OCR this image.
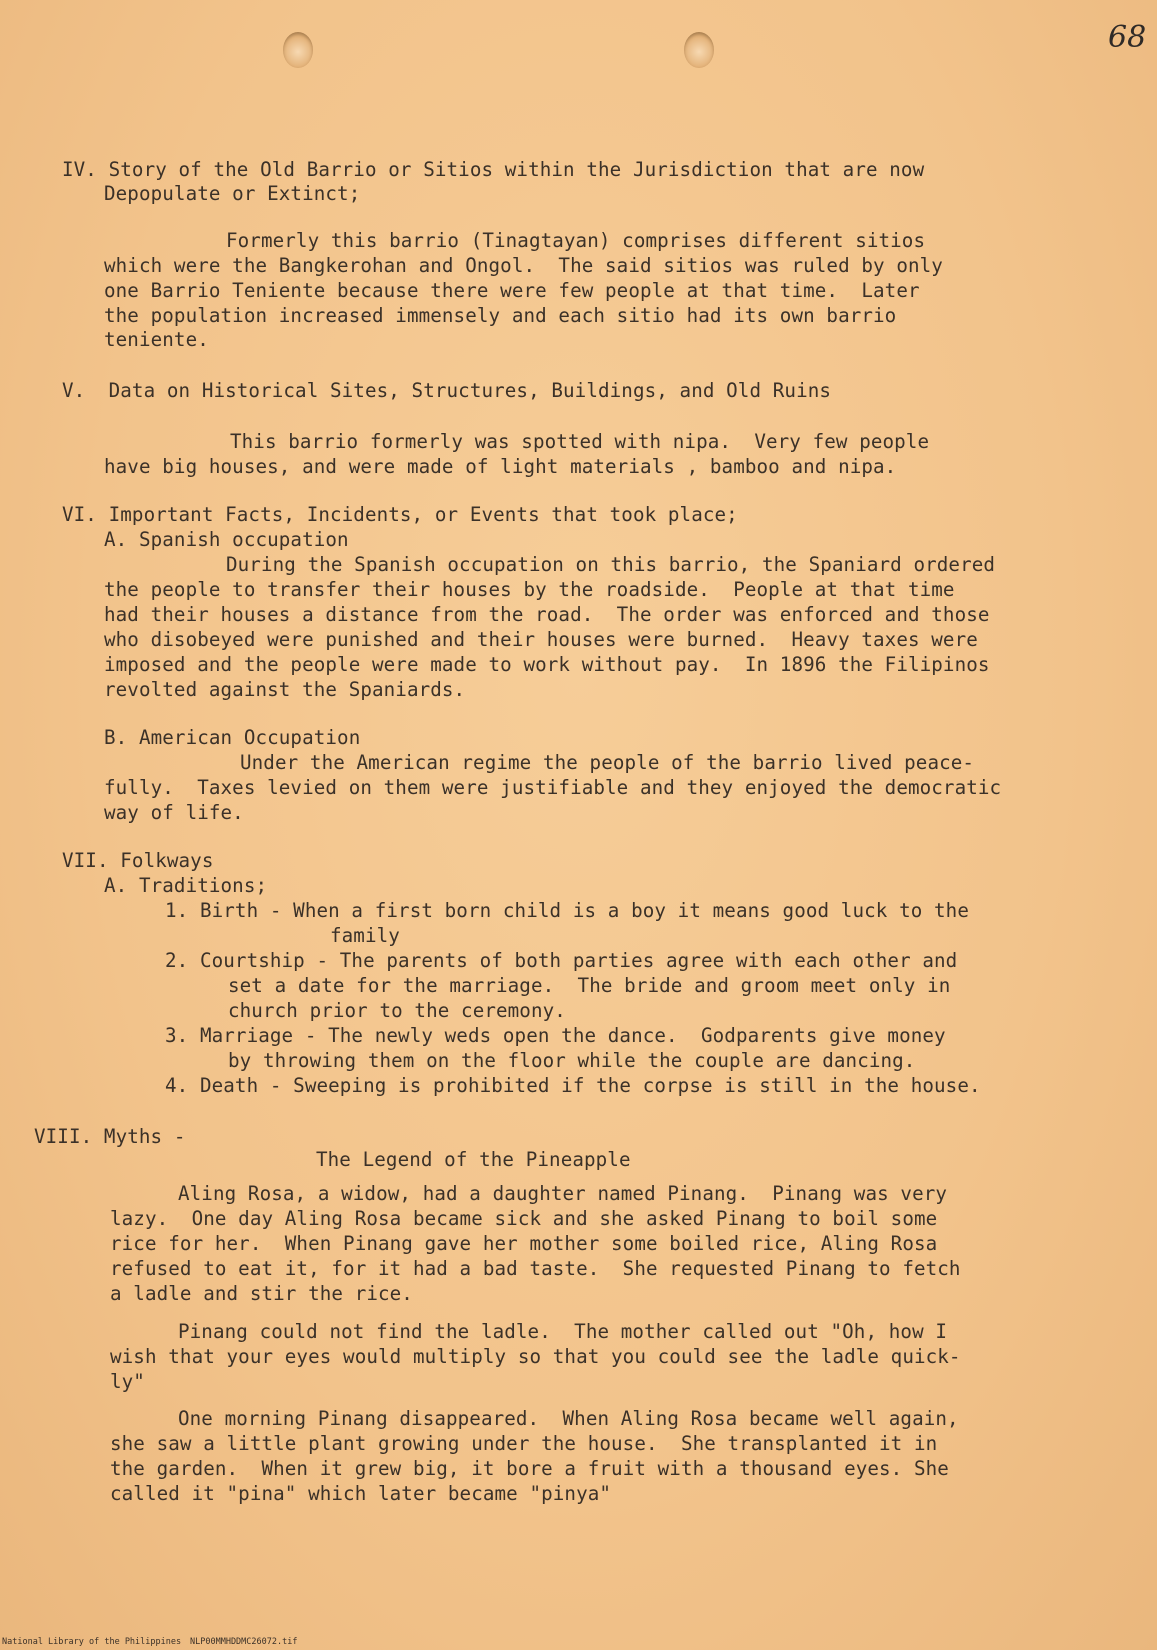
68
IV. Story of the Old Barrio or Sitios within the Jurisdiction that are now
Depopulate or Extinct;
Formerly this barrio (Tinagtayan) comprises different sitios
which were the Bangkerohan and Ongol.  The said sitios was ruled by only
one Barrio Teniente because there were few people at that time.  Later
the population increased immensely and each sitio had its own barrio
teniente.
V.  Data on Historical Sites, Structures, Buildings, and Old Ruins
This barrio formerly was spotted with nipa.  Very few people
have big houses, and were made of light materials , bamboo and nipa.
VI. Important Facts, Incidents, or Events that took place;
A. Spanish occupation
During the Spanish occupation on this barrio, the Spaniard ordered
the people to transfer their houses by the roadside.  People at that time
had their houses a distance from the road.  The order was enforced and those
who disobeyed were punished and their houses were burned.  Heavy taxes were
imposed and the people were made to work without pay.  In 1896 the Filipinos
revolted against the Spaniards.
B. American Occupation
Under the American regime the people of the barrio lived peace-
fully.  Taxes levied on them were justifiable and they enjoyed the democratic
way of life.
VII. Folkways
A. Traditions;
1. Birth - When a first born child is a boy it means good luck to the
family
2. Courtship - The parents of both parties agree with each other and
set a date for the marriage.  The bride and groom meet only in
church prior to the ceremony.
3. Marriage - The newly weds open the dance.  Godparents give money
by throwing them on the floor while the couple are dancing.
4. Death - Sweeping is prohibited if the corpse is still in the house.
VIII. Myths -
The Legend of the Pineapple
Aling Rosa, a widow, had a daughter named Pinang.  Pinang was very
lazy.  One day Aling Rosa became sick and she asked Pinang to boil some
rice for her.  When Pinang gave her mother some boiled rice, Aling Rosa
refused to eat it, for it had a bad taste.  She requested Pinang to fetch
a ladle and stir the rice.
Pinang could not find the ladle.  The mother called out "Oh, how I
wish that your eyes would multiply so that you could see the ladle quick-
ly"
One morning Pinang disappeared.  When Aling Rosa became well again,
she saw a little plant growing under the house.  She transplanted it in
the garden.  When it grew big, it bore a fruit with a thousand eyes. She
called it "pina" which later became "pinya"
National Library of the Philippines NLP00MMHDDMC26072.tif
